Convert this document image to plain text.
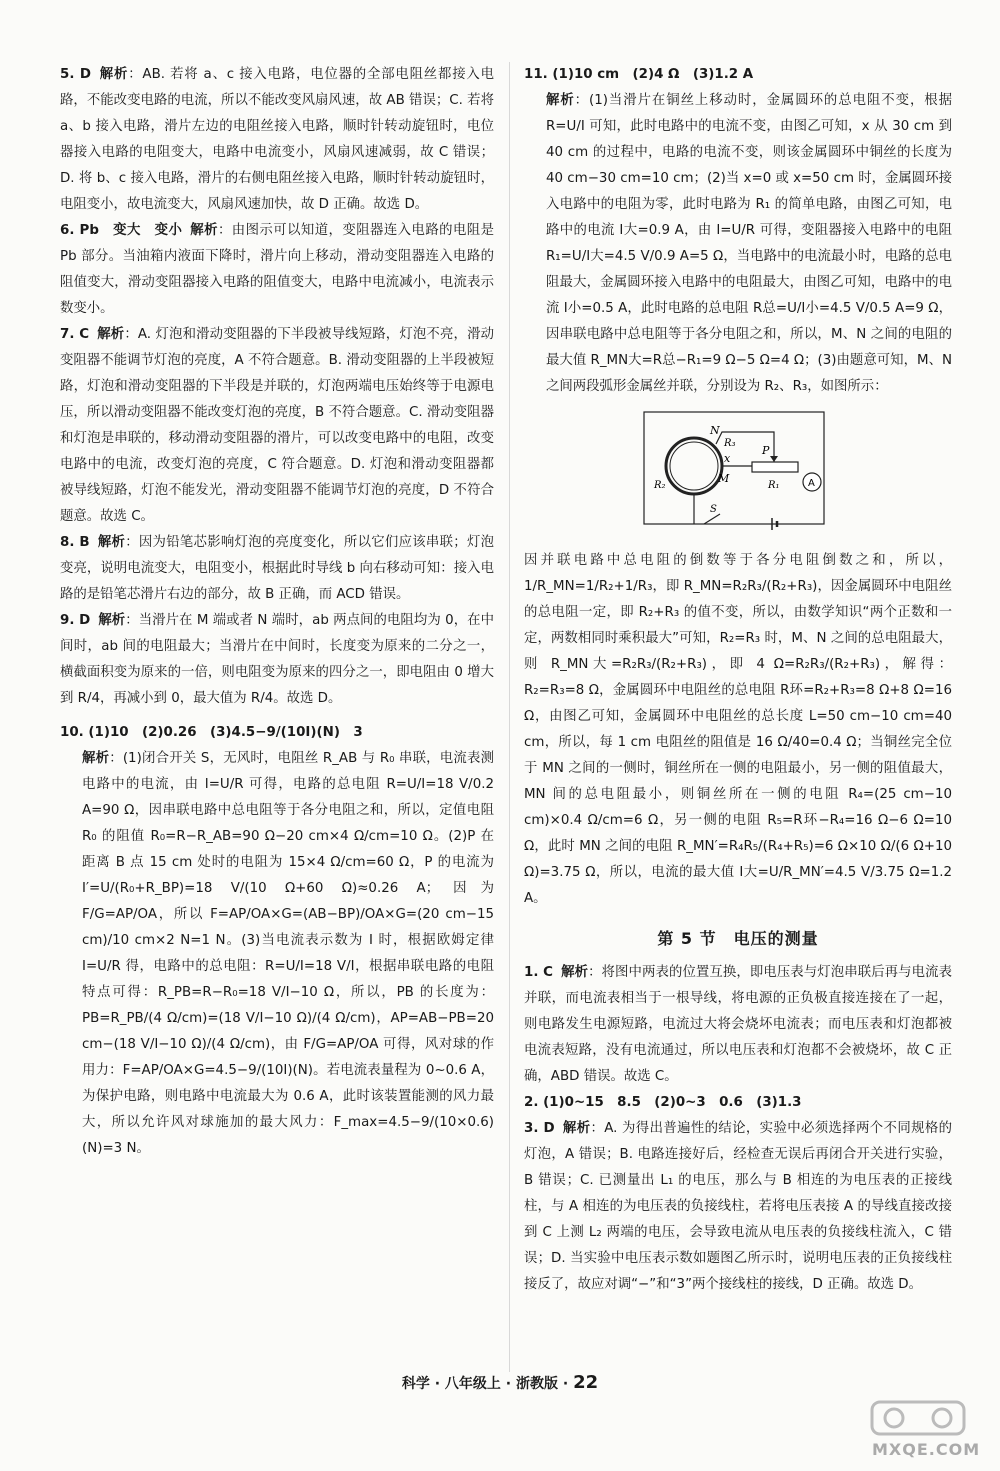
5. D 解析：AB. 若将 a、c 接入电路，电位器的全部电阻丝都接入电路，不能改变电路的电流，所以不能改变风扇风速，故 AB 错误；C. 若将 a、b 接入电路，滑片左边的电阻丝接入电路，顺时针转动旋钮时，电位器接入电路的电阻变大，电路中电流变小，风扇风速减弱，故 C 错误；D. 将 b、c 接入电路，滑片的右侧电阻丝接入电路，顺时针转动旋钮时，电阻变小，故电流变大，风扇风速加快，故 D 正确。故选 D。

6. Pb　变大　变小 解析：由图示可以知道，变阻器连入电路的电阻是 Pb 部分。当油箱内液面下降时，滑片向上移动，滑动变阻器连入电路的阻值变大，滑动变阻器接入电路的阻值变大，电路中电流减小，电流表示数变小。

7. C 解析：A. 灯泡和滑动变阻器的下半段被导线短路，灯泡不亮，滑动变阻器不能调节灯泡的亮度，A 不符合题意。B. 滑动变阻器的上半段被短路，灯泡和滑动变阻器的下半段是并联的，灯泡两端电压始终等于电源电压，所以滑动变阻器不能改变灯泡的亮度，B 不符合题意。C. 滑动变阻器和灯泡是串联的，移动滑动变阻器的滑片，可以改变电路中的电阻，改变电路中的电流，改变灯泡的亮度，C 符合题意。D. 灯泡和滑动变阻器都被导线短路，灯泡不能发光，滑动变阻器不能调节灯泡的亮度，D 不符合题意。故选 C。

8. B 解析：因为铅笔芯影响灯泡的亮度变化，所以它们应该串联；灯泡变亮，说明电流变大，电阻变小，根据此时导线 b 向右移动可知：接入电路的是铅笔芯滑片右边的部分，故 B 正确，而 ACD 错误。

9. D 解析：当滑片在 M 端或者 N 端时，ab 两点间的电阻均为 0，在中间时，ab 间的电阻最大；当滑片在中间时，长度变为原来的二分之一，横截面积变为原来的一倍，则电阻变为原来的四分之一，即电阻由 0 增大到 R/4，再减小到 0，最大值为 R/4。故选 D。

10. (1)10　(2)0.26　(3)4.5−9/(10I)(N)　3

解析：(1)闭合开关 S，无风时，电阻丝 R_AB 与 R₀ 串联，电流表测电路中的电流，由 I=U/R 可得，电路的总电阻 R=U/I=18 V/0.2 A=90 Ω，因串联电路中总电阻等于各分电阻之和，所以，定值电阻 R₀ 的阻值 R₀=R−R_AB=90 Ω−20 cm×4 Ω/cm=10 Ω。(2)P 在距离 B 点 15 cm 处时的电阻为 15×4 Ω/cm=60 Ω，P 的电流为 I′=U/(R₀+R_BP)=18 V/(10 Ω+60 Ω)≈0.26 A；因为 F/G=AP/OA，所以 F=AP/OA×G=(AB−BP)/OA×G=(20 cm−15 cm)/10 cm×2 N=1 N。(3)当电流表示数为 I 时，根据欧姆定律 I=U/R 得，电路中的总电阻：R=U/I=18 V/I，根据串联电路的电阻特点可得：R_PB=R−R₀=18 V/I−10 Ω，所以，PB 的长度为：PB=R_PB/(4 Ω/cm)=(18 V/I−10 Ω)/(4 Ω/cm)，AP=AB−PB=20 cm−(18 V/I−10 Ω)/(4 Ω/cm)，由 F/G=AP/OA 可得，风对球的作用力：F=AP/OA×G=4.5−9/(10I)(N)。若电流表量程为 0~0.6 A，为保护电路，则电路中电流最大为 0.6 A，此时该装置能测的风力最大，所以允许风对球施加的最大风力：F_max=4.5−9/(10×0.6)(N)=3 N。

11. (1)10 cm　(2)4 Ω　(3)1.2 A

解析：(1)当滑片在铜丝上移动时，金属圆环的总电阻不变，根据 R=U/I 可知，此时电路中的电流不变，由图乙可知，x 从 30 cm 到 40 cm 的过程中，电路的电流不变，则该金属圆环中铜丝的长度为 40 cm−30 cm=10 cm；(2)当 x=0 或 x=50 cm 时，金属圆环接入电路中的电阻为零，此时电路为 R₁ 的简单电路，由图乙可知，电路中的电流 I大=0.9 A，由 I=U/R 可得，变阻器接入电路中的电阻 R₁=U/I大=4.5 V/0.9 A=5 Ω，当电路中的电流最小时，电路的总电阻最大，金属圆环接入电路中的电阻最大，由图乙可知，电路中的电流 I小=0.5 A，此时电路的总电阻 R总=U/I小=4.5 V/0.5 A=9 Ω，因串联电路中总电阻等于各分电阻之和，所以，M、N 之间的电阻的最大值 R_MN大=R总−R₁=9 Ω−5 Ω=4 Ω；(3)由题意可知，M、N 之间两段弧形金属丝并联，分别设为 R₂、R₃，如图所示：

N
M
x
P
R₁
R₂
R₃
A
S

因并联电路中总电阻的倒数等于各分电阻倒数之和，所以，1/R_MN=1/R₂+1/R₃，即 R_MN=R₂R₃/(R₂+R₃)，因金属圆环中电阻丝的总电阻一定，即 R₂+R₃ 的值不变，所以，由数学知识“两个正数和一定，两数相同时乘积最大”可知，R₂=R₃ 时，M、N 之间的总电阻最大，则 R_MN大=R₂R₃/(R₂+R₃)，即 4 Ω=R₂R₃/(R₂+R₃)，解得：R₂=R₃=8 Ω，金属圆环中电阻丝的总电阻 R环=R₂+R₃=8 Ω+8 Ω=16 Ω，由图乙可知，金属圆环中电阻丝的总长度 L=50 cm−10 cm=40 cm，所以，每 1 cm 电阻丝的阻值是 16 Ω/40=0.4 Ω；当铜丝完全位于 MN 之间的一侧时，铜丝所在一侧的电阻最小，另一侧的阻值最大，MN 间的总电阻最小，则铜丝所在一侧的电阻 R₄=(25 cm−10 cm)×0.4 Ω/cm=6 Ω，另一侧的电阻 R₅=R环−R₄=16 Ω−6 Ω=10 Ω，此时 MN 之间的电阻 R_MN′=R₄R₅/(R₄+R₅)=6 Ω×10 Ω/(6 Ω+10 Ω)=3.75 Ω，所以，电流的最大值 I大=U/R_MN′=4.5 V/3.75 Ω=1.2 A。

第 5 节　电压的测量

1. C 解析：将图中两表的位置互换，即电压表与灯泡串联后再与电流表并联，而电流表相当于一根导线，将电源的正负极直接连接在了一起，则电路发生电源短路，电流过大将会烧坏电流表；而电压表和灯泡都被电流表短路，没有电流通过，所以电压表和灯泡都不会被烧坏，故 C 正确，ABD 错误。故选 C。

2. (1)0~15　8.5　(2)0~3　0.6　(3)1.3

3. D 解析：A. 为得出普遍性的结论，实验中必须选择两个不同规格的灯泡，A 错误；B. 电路连接好后，经检查无误后再闭合开关进行实验，B 错误；C. 已测量出 L₁ 的电压，那么与 B 相连的为电压表的正接线柱，与 A 相连的为电压表的负接线柱，若将电压表接 A 的导线直接改接到 C 上测 L₂ 两端的电压，会导致电流从电压表的负接线柱流入，C 错误；D. 当实验中电压表示数如题图乙所示时，说明电压表的正负接线柱接反了，故应对调“−”和“3”两个接线柱的接线，D 正确。故选 D。

科学 · 八年级上 · 浙教版 · 22
MXQE.COM
